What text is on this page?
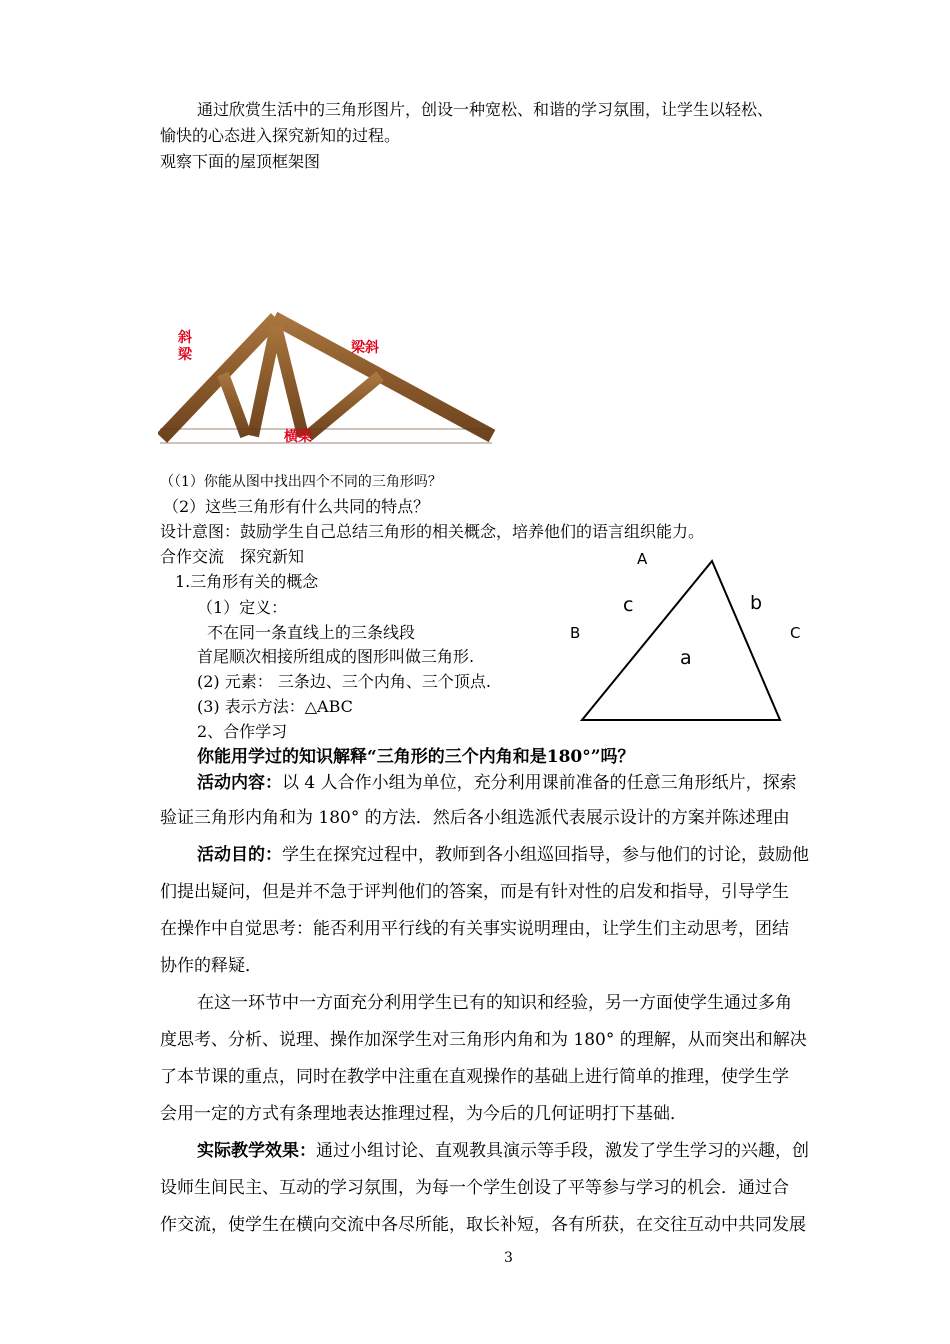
通过欣赏生活中的三角形图片，创设一种宽松、和谐的学习氛围，让学生以轻松、
愉快的心态进入探究新知的过程。
观察下面的屋顶框架图
斜
梁	梁斜
横梁
（（1）你能从图中找出四个不同的三角形吗？
（2）这些三角形有什么共同的特点？
设计意图：鼓励学生自己总结三角形的相关概念，培养他们的语言组织能力。
合作交流　探究新知
1.三角形有关的概念
（1）定义：
不在同一条直线上的三条线段
首尾顺次相接所组成的图形叫做三角形.
(2) 元素： 三条边、三个内角、三个顶点.
(3) 表示方法：△ABC
2、合作学习
A
B	C
c	b
a
你能用学过的知识解释“三角形的三个内角和是180°”吗？
活动内容：以 4 人合作小组为单位，充分利用课前准备的任意三角形纸片，探索
验证三角形内角和为 180° 的方法．然后各小组选派代表展示设计的方案并陈述理由
活动目的：学生在探究过程中，教师到各小组巡回指导，参与他们的讨论，鼓励他
们提出疑问，但是并不急于评判他们的答案，而是有针对性的启发和指导，引导学生
在操作中自觉思考：能否利用平行线的有关事实说明理由，让学生们主动思考，团结
协作的释疑．
在这一环节中一方面充分利用学生已有的知识和经验，另一方面使学生通过多角
度思考、分析、说理、操作加深学生对三角形内角和为 180° 的理解，从而突出和解决
了本节课的重点，同时在教学中注重在直观操作的基础上进行简单的推理，使学生学
会用一定的方式有条理地表达推理过程，为今后的几何证明打下基础．
实际教学效果：通过小组讨论、直观教具演示等手段，激发了学生学习的兴趣，创
设师生间民主、互动的学习氛围，为每一个学生创设了平等参与学习的机会．通过合
作交流，使学生在横向交流中各尽所能，取长补短，各有所获，在交往互动中共同发展
3
